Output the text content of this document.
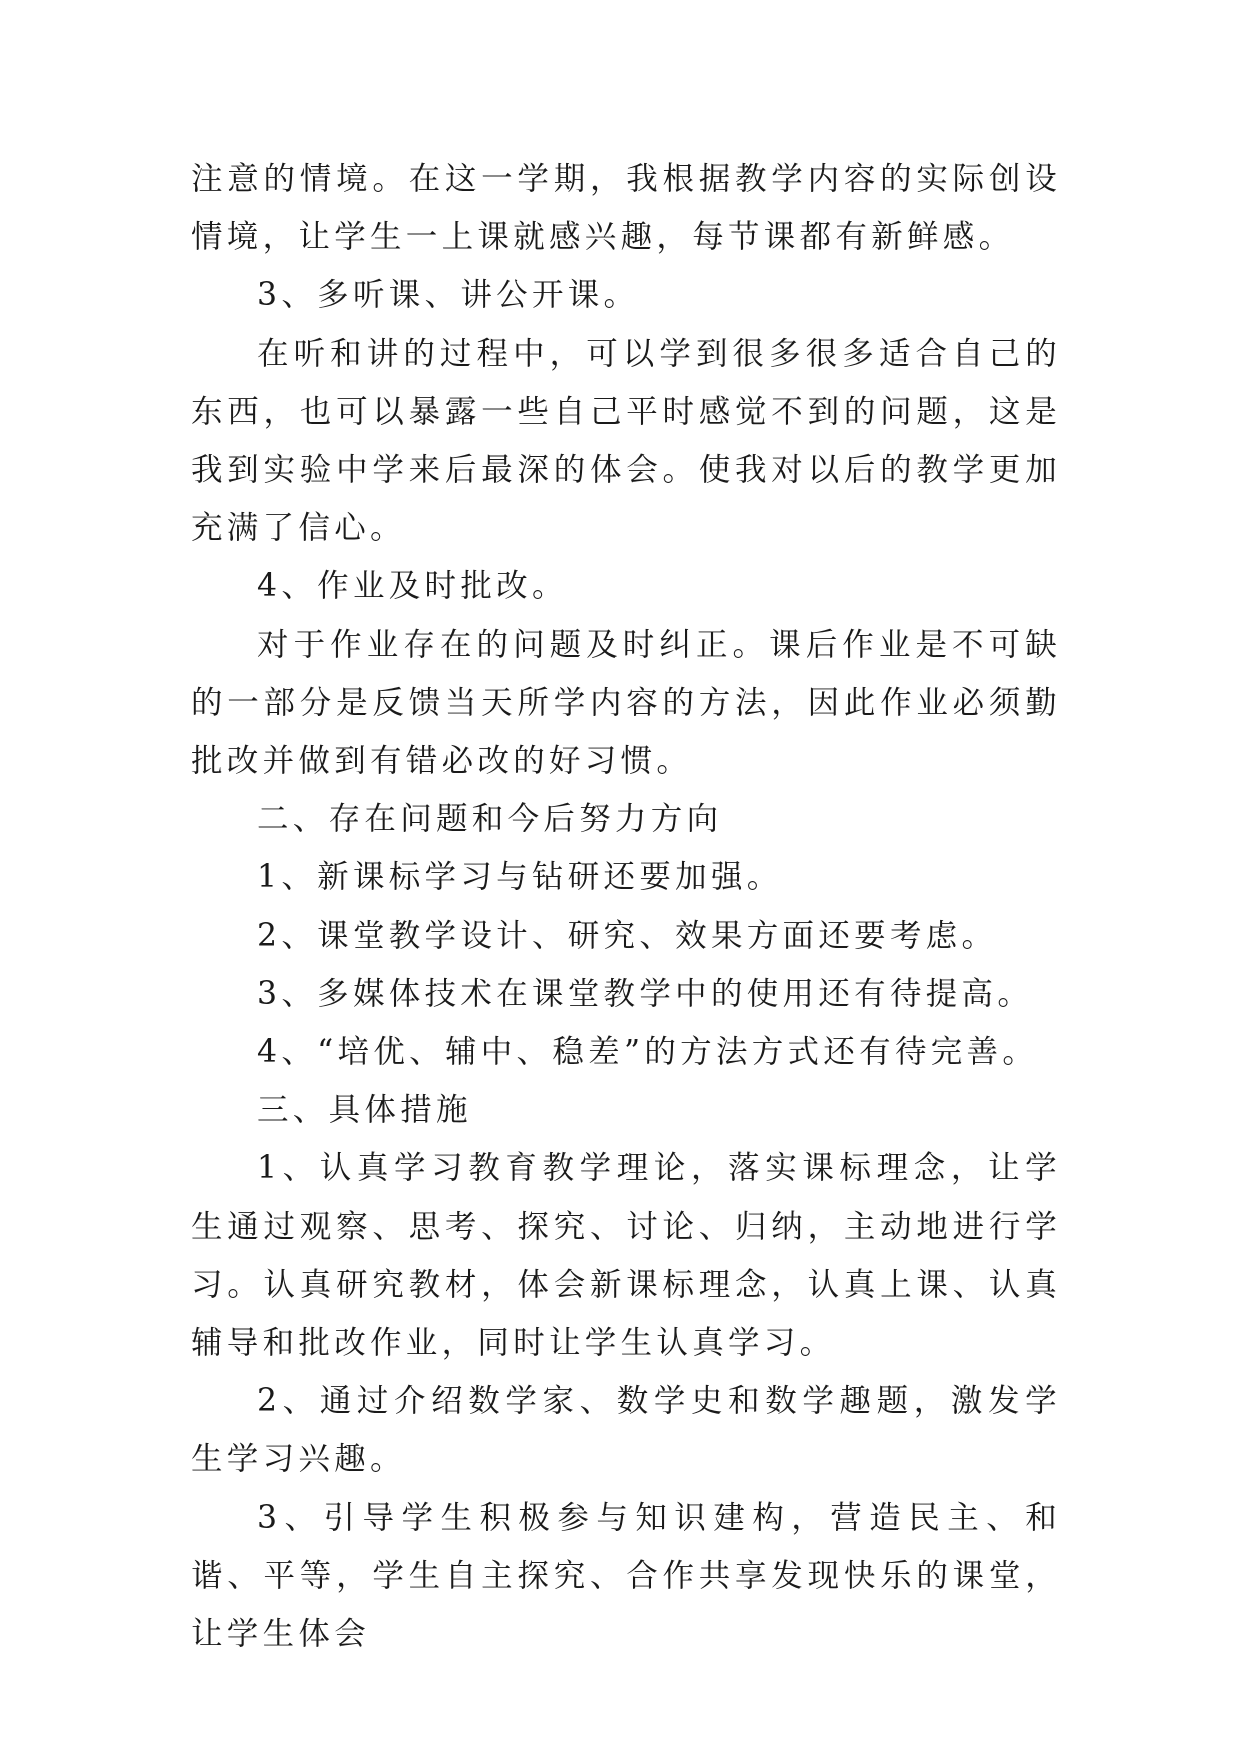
注意的情境。在这一学期，我根据教学内容的实际创设情境，让学生一上课就感兴趣，每节课都有新鲜感。

3、多听课、讲公开课。

在听和讲的过程中，可以学到很多很多适合自己的东西，也可以暴露一些自己平时感觉不到的问题，这是我到实验中学来后最深的体会。使我对以后的教学更加充满了信心。

4、作业及时批改。

对于作业存在的问题及时纠正。课后作业是不可缺的一部分是反馈当天所学内容的方法，因此作业必须勤批改并做到有错必改的好习惯。

二、存在问题和今后努力方向

1、新课标学习与钻研还要加强。

2、课堂教学设计、研究、效果方面还要考虑。

3、多媒体技术在课堂教学中的使用还有待提高。

4、“培优、辅中、稳差”的方法方式还有待完善。

三、具体措施

1、认真学习教育教学理论，落实课标理念，让学生通过观察、思考、探究、讨论、归纳，主动地进行学习。认真研究教材，体会新课标理念，认真上课、认真辅导和批改作业，同时让学生认真学习。

2、通过介绍数学家、数学史和数学趣题，激发学生学习兴趣。

3、引导学生积极参与知识建构，营造民主、和谐、平等，学生自主探究、合作共享发现快乐的课堂，让学生体会
